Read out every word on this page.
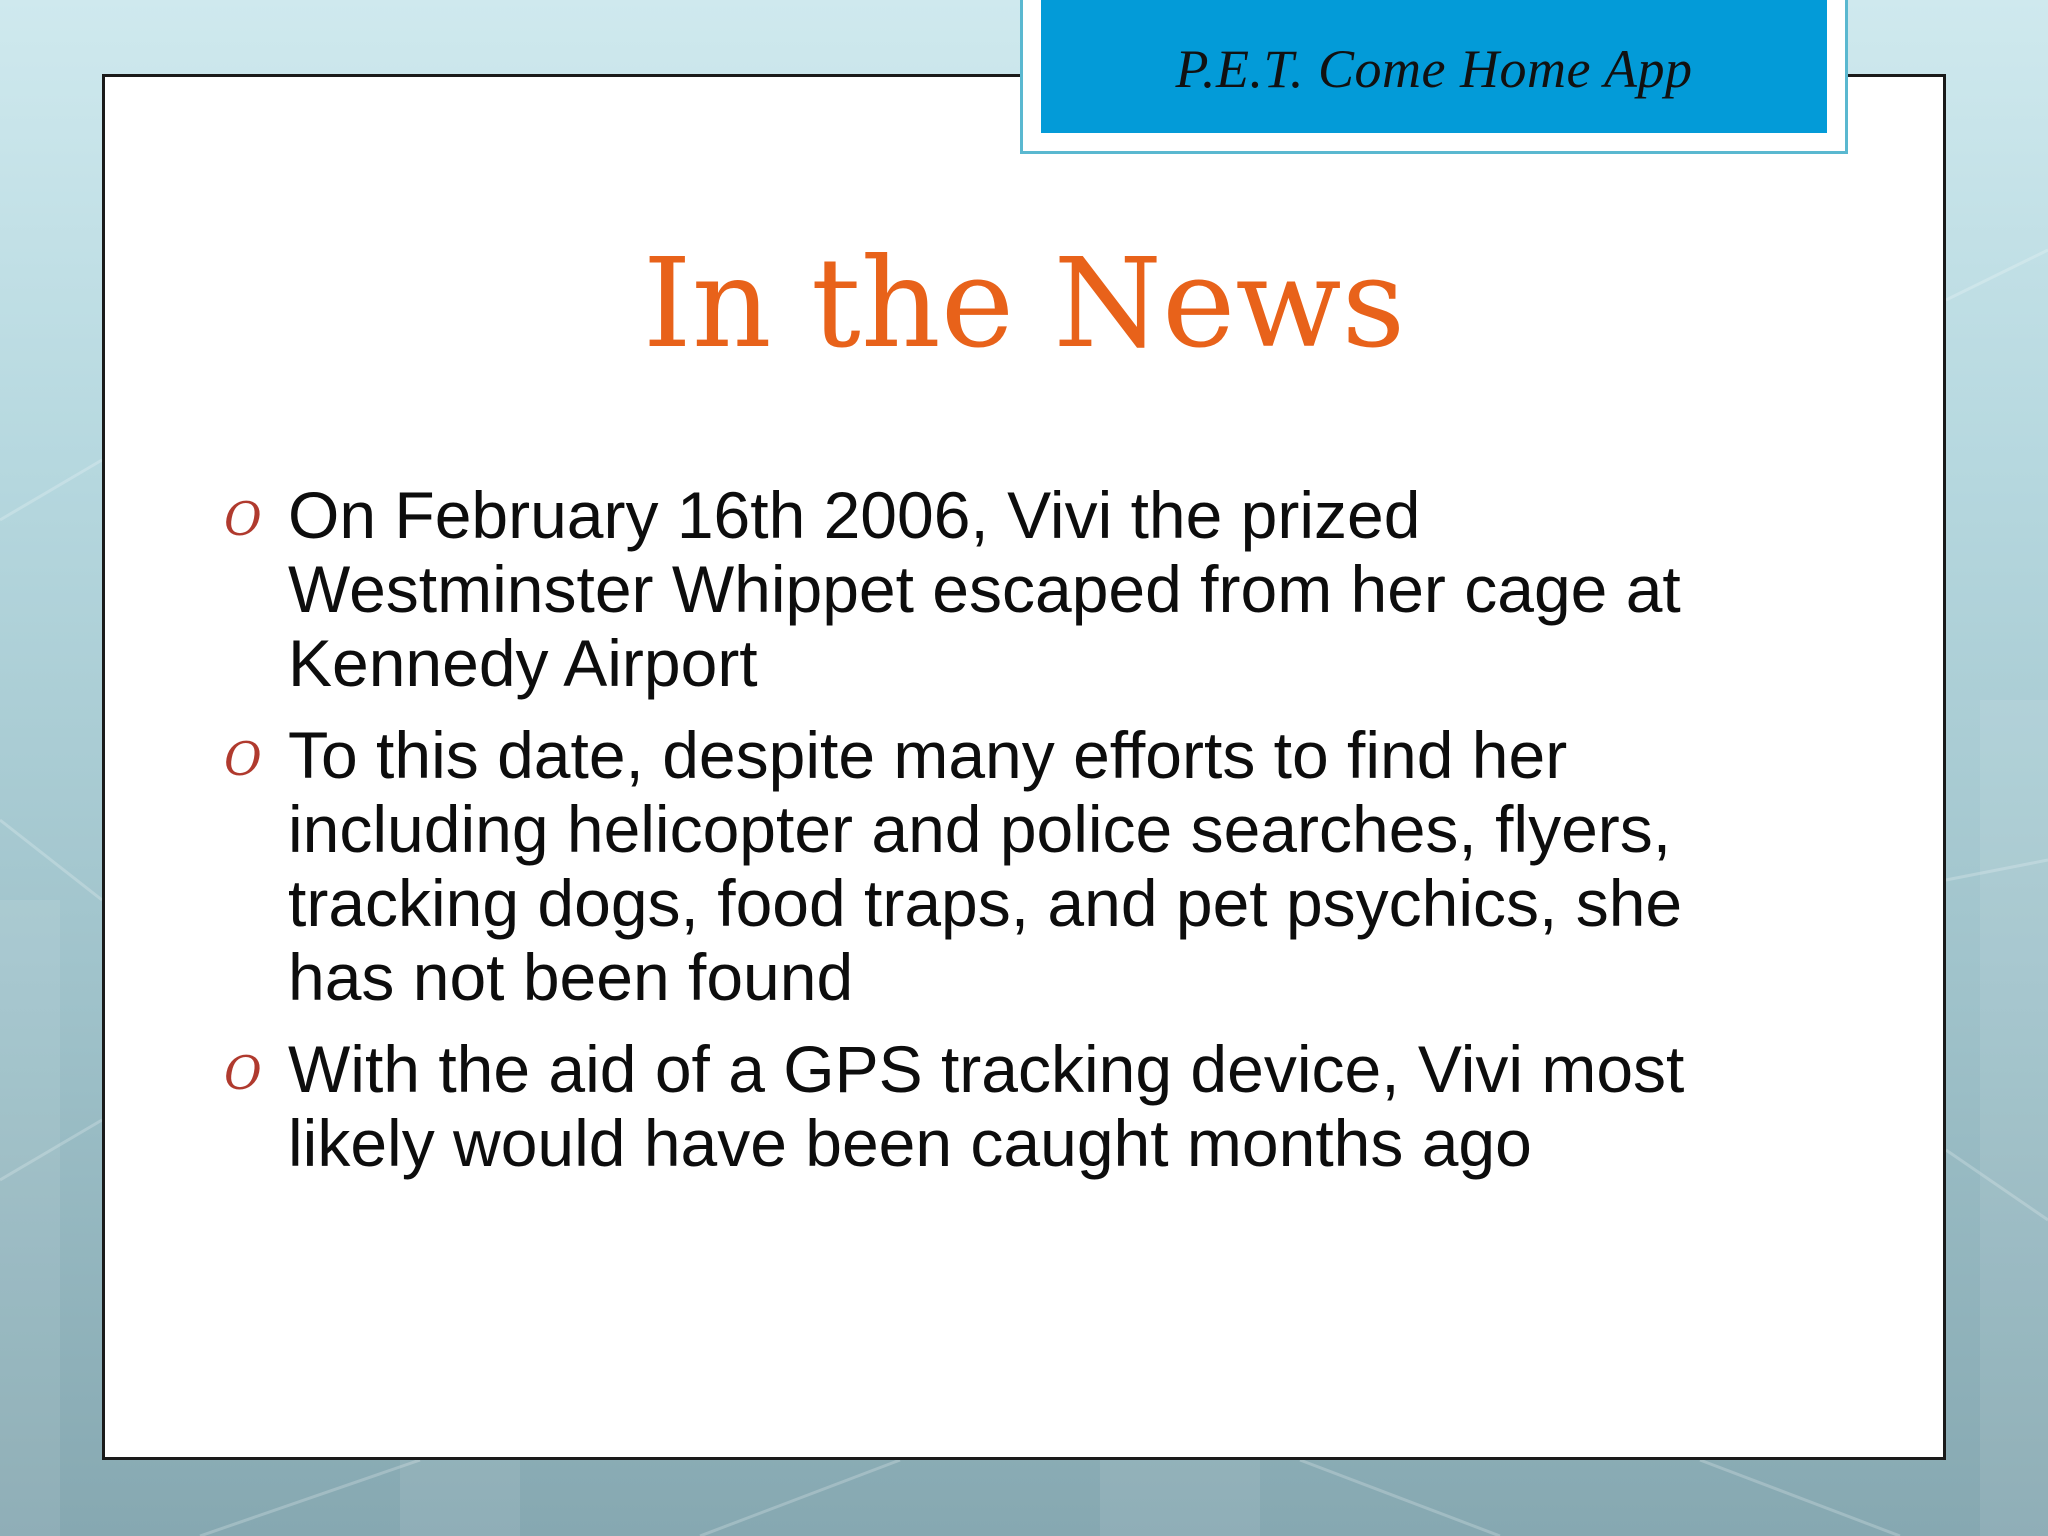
P.E.T. Come Home App
In the News
O On February 16th 2006, Vivi the prized Westminster Whippet escaped from her cage at Kennedy Airport
O To this date, despite many efforts to find her including helicopter and police searches, flyers, tracking dogs, food traps, and pet psychics, she has not been found
O With the aid of a GPS tracking device, Vivi most likely would have been caught months ago
